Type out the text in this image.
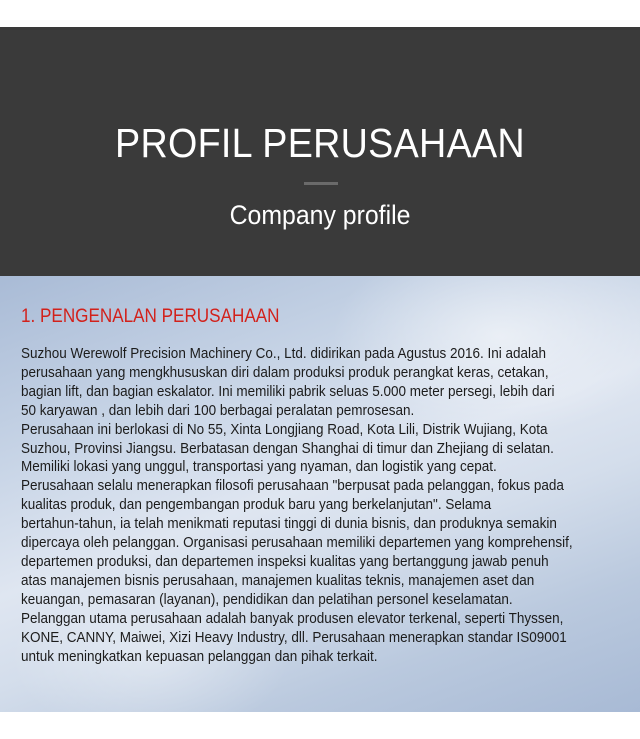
PROFIL PERUSAHAAN
Company profile
1. PENGENALAN PERUSAHAAN
Suzhou Werewolf Precision Machinery Co., Ltd. didirikan pada Agustus 2016. Ini adalah
perusahaan yang mengkhususkan diri dalam produksi produk perangkat keras, cetakan,
bagian lift, dan bagian eskalator. Ini memiliki pabrik seluas 5.000 meter persegi, lebih dari
50 karyawan , dan lebih dari 100 berbagai peralatan pemrosesan.
Perusahaan ini berlokasi di No 55, Xinta Longjiang Road, Kota Lili, Distrik Wujiang, Kota
Suzhou, Provinsi Jiangsu. Berbatasan dengan Shanghai di timur dan Zhejiang di selatan.
Memiliki lokasi yang unggul, transportasi yang nyaman, dan logistik yang cepat.
Perusahaan selalu menerapkan filosofi perusahaan "berpusat pada pelanggan, fokus pada
kualitas produk, dan pengembangan produk baru yang berkelanjutan". Selama
bertahun-tahun, ia telah menikmati reputasi tinggi di dunia bisnis, dan produknya semakin
dipercaya oleh pelanggan. Organisasi perusahaan memiliki departemen yang komprehensif,
departemen produksi, dan departemen inspeksi kualitas yang bertanggung jawab penuh
atas manajemen bisnis perusahaan, manajemen kualitas teknis, manajemen aset dan
keuangan, pemasaran (layanan), pendidikan dan pelatihan personel keselamatan.
Pelanggan utama perusahaan adalah banyak produsen elevator terkenal, seperti Thyssen,
KONE, CANNY, Maiwei, Xizi Heavy Industry, dll. Perusahaan menerapkan standar IS09001
untuk meningkatkan kepuasan pelanggan dan pihak terkait.
